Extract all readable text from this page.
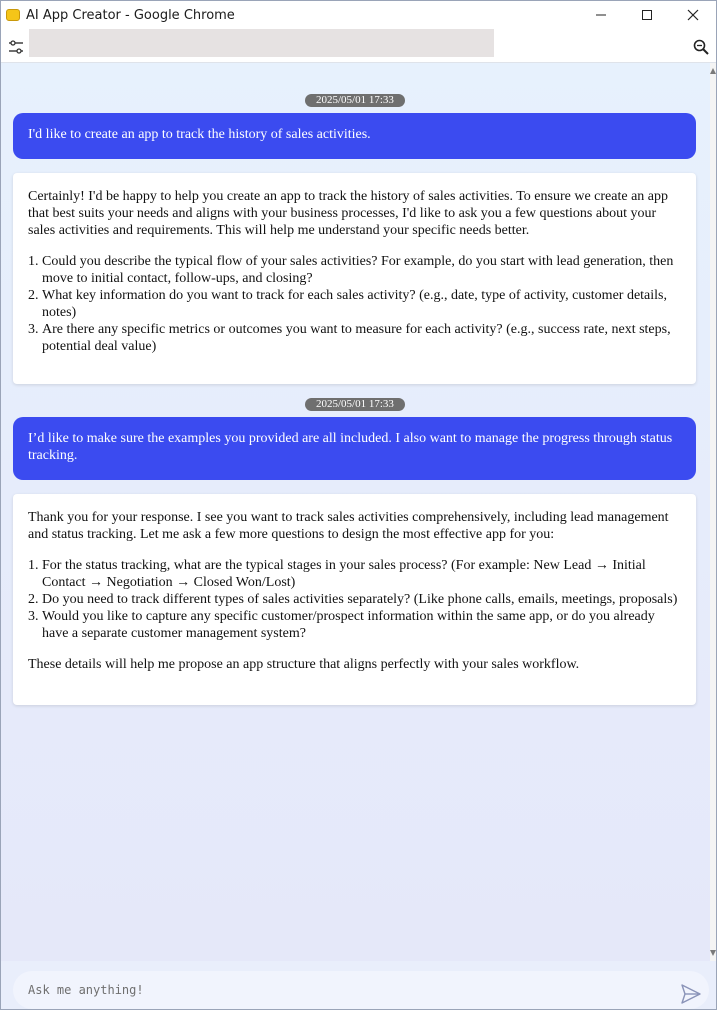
AI App Creator - Google Chrome
2025/05/01 17:33
I'd like to create an app to track the history of sales activities.

Certainly! I'd be happy to help you create an app to track the history of sales activities. To ensure we create an app that best suits your needs and aligns with your business processes, I'd like to ask you a few questions about your sales activities and requirements. This will help me understand your specific needs better.

1. Could you describe the typical flow of your sales activities? For example, do you start with lead generation, then move to initial contact, follow-ups, and closing?
2. What key information do you want to track for each sales activity? (e.g., date, type of activity, customer details, notes)
3. Are there any specific metrics or outcomes you want to measure for each activity? (e.g., success rate, next steps, potential deal value)
2025/05/01 17:33
I’d like to make sure the examples you provided are all included. I also want to manage the progress through status tracking.

Thank you for your response. I see you want to track sales activities comprehensively, including lead management and status tracking. Let me ask a few more questions to design the most effective app for you:

1. For the status tracking, what are the typical stages in your sales process? (For example: New Lead → Initial Contact → Negotiation → Closed Won/Lost)
2. Do you need to track different types of sales activities separately? (Like phone calls, emails, meetings, proposals)
3. Would you like to capture any specific customer/prospect information within the same app, or do you already have a separate customer management system?

These details will help me propose an app structure that aligns perfectly with your sales workflow.

Ask me anything!
